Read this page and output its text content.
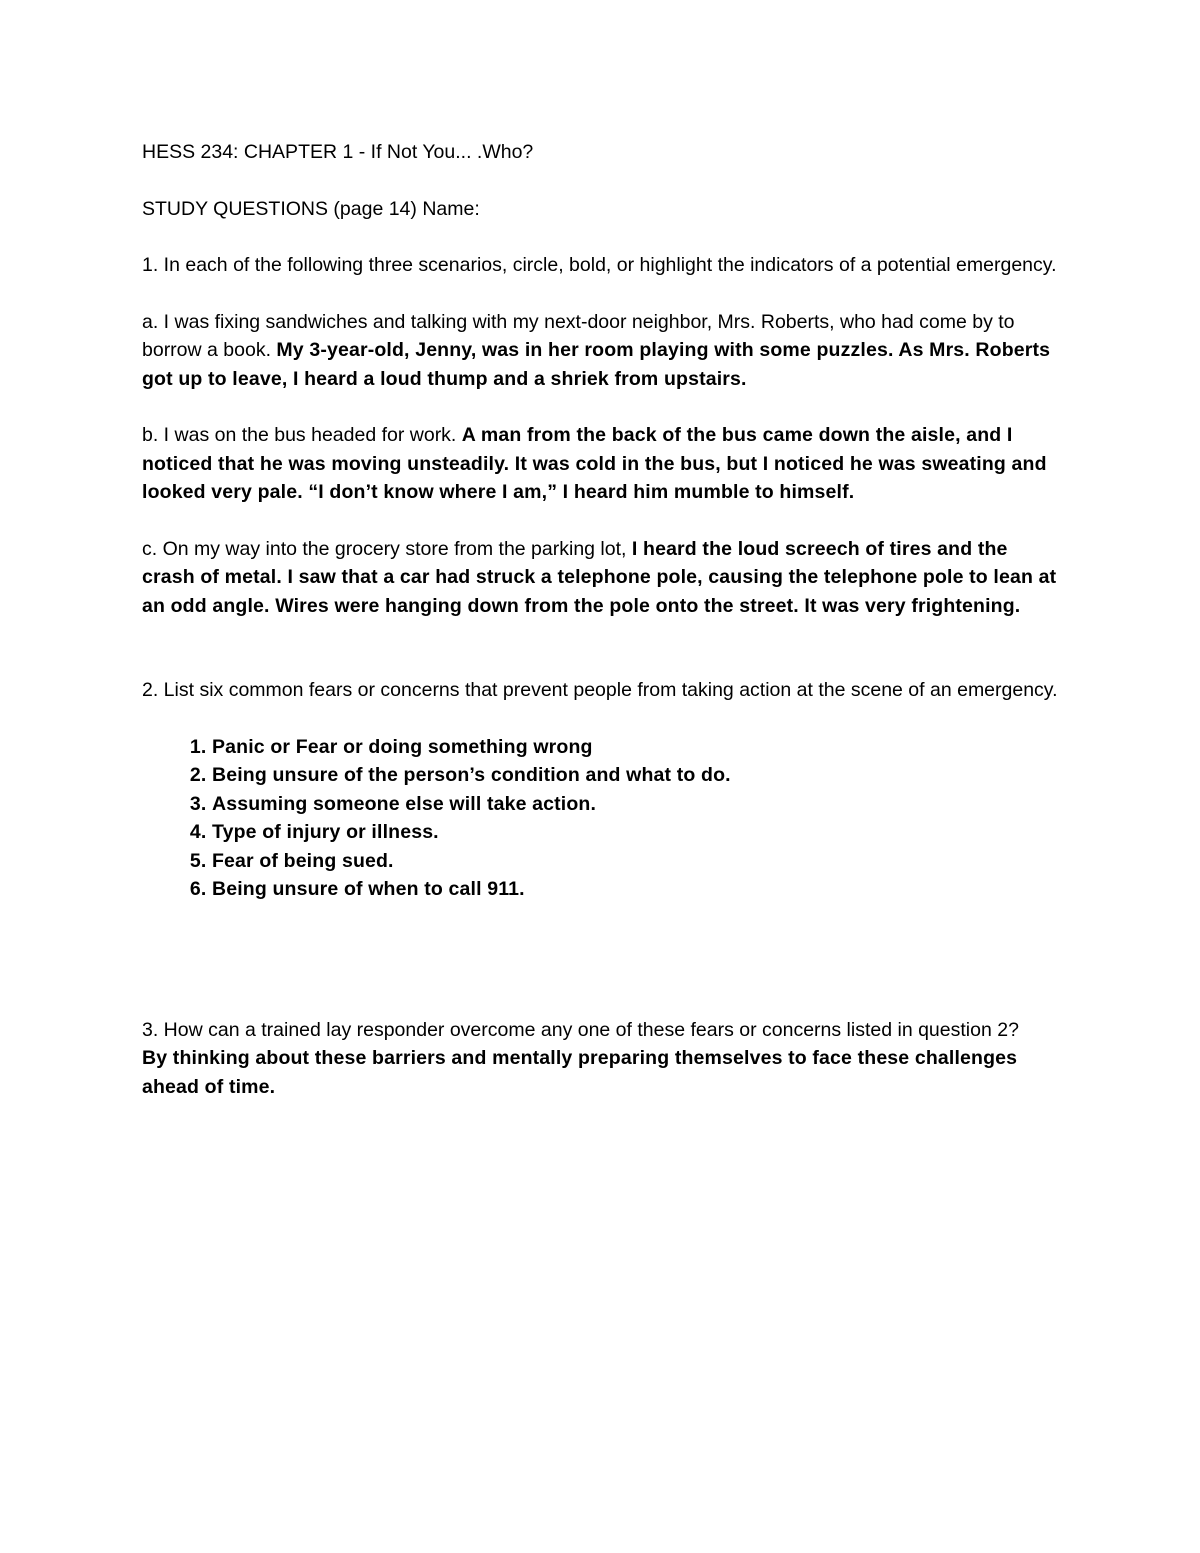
HESS 234: CHAPTER 1 - If Not You... .Who?

STUDY QUESTIONS (page 14) Name:

1. In each of the following three scenarios, circle, bold, or highlight the indicators of a potential emergency.

a. I was fixing sandwiches and talking with my next-door neighbor, Mrs. Roberts, who had come by to borrow a book. My 3-year-old, Jenny, was in her room playing with some puzzles. As Mrs. Roberts got up to leave, I heard a loud thump and a shriek from upstairs.

b. I was on the bus headed for work. A man from the back of the bus came down the aisle, and I noticed that he was moving unsteadily. It was cold in the bus, but I noticed he was sweating and looked very pale. “I don’t know where I am,” I heard him mumble to himself.

c. On my way into the grocery store from the parking lot, I heard the loud screech of tires and the crash of metal. I saw that a car had struck a telephone pole, causing the telephone pole to lean at an odd angle. Wires were hanging down from the pole onto the street. It was very frightening.

2. List six common fears or concerns that prevent people from taking action at the scene of an emergency.

1. Panic or Fear or doing something wrong
2. Being unsure of the person’s condition and what to do.
3. Assuming someone else will take action.
4. Type of injury or illness.
5. Fear of being sued.
6. Being unsure of when to call 911.

3. How can a trained lay responder overcome any one of these fears or concerns listed in question 2?

By thinking about these barriers and mentally preparing themselves to face these challenges ahead of time.
